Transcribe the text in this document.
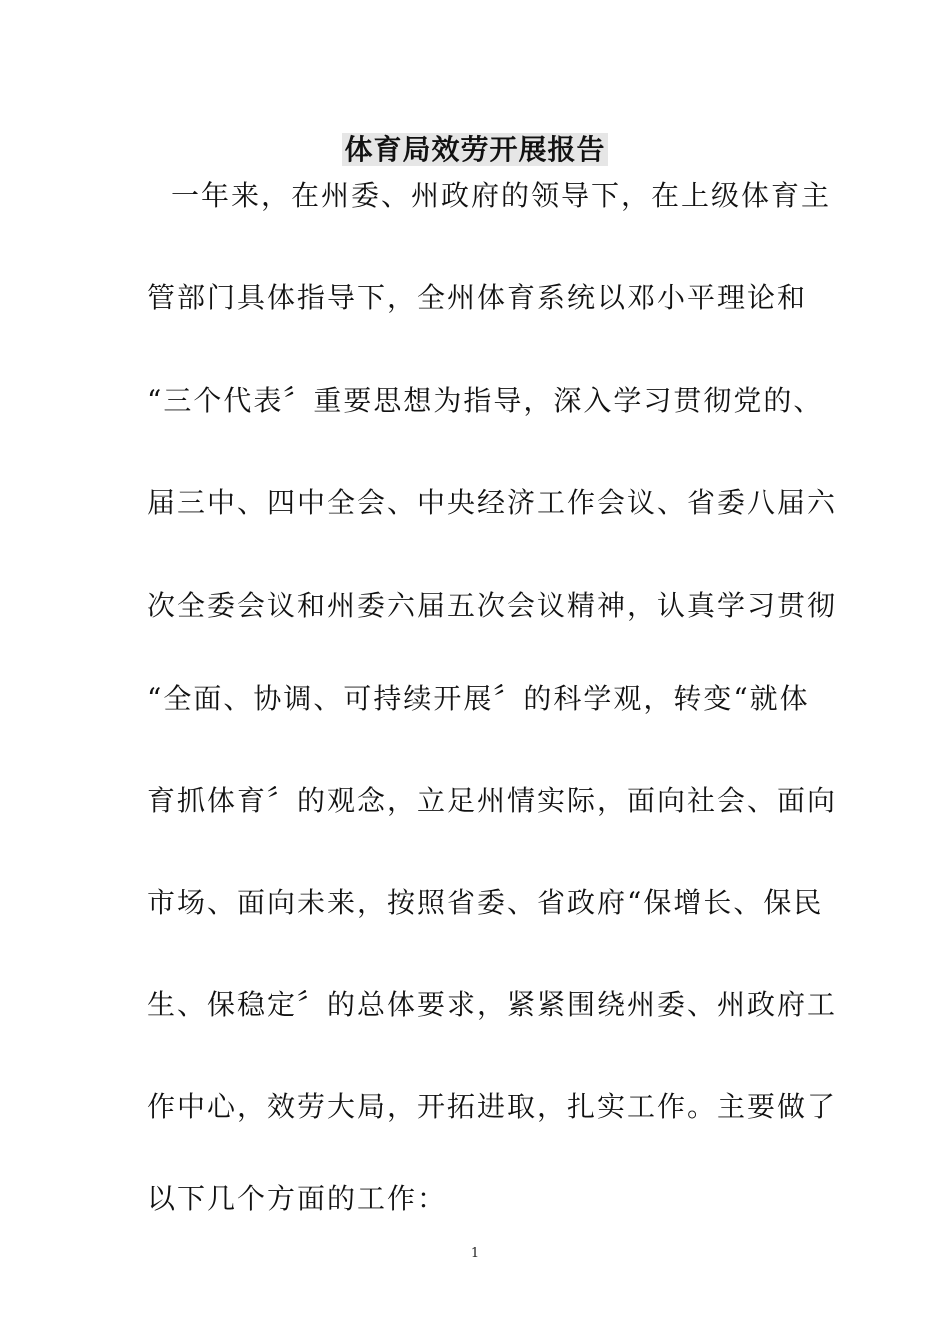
体育局效劳开展报告
一年来，在州委、州政府的领导下，在上级体育主
管部门具体指导下，全州体育系统以邓小平理论和
“三个代表〞重要思想为指导，深入学习贯彻党的、
届三中、四中全会、中央经济工作会议、省委八届六
次全委会议和州委六届五次会议精神，认真学习贯彻
“全面、协调、可持续开展〞的科学观，转变“就体
育抓体育〞的观念，立足州情实际，面向社会、面向
市场、面向未来，按照省委、省政府“保增长、保民
生、保稳定〞的总体要求，紧紧围绕州委、州政府工
作中心，效劳大局，开拓进取，扎实工作。主要做了
以下几个方面的工作：
1
